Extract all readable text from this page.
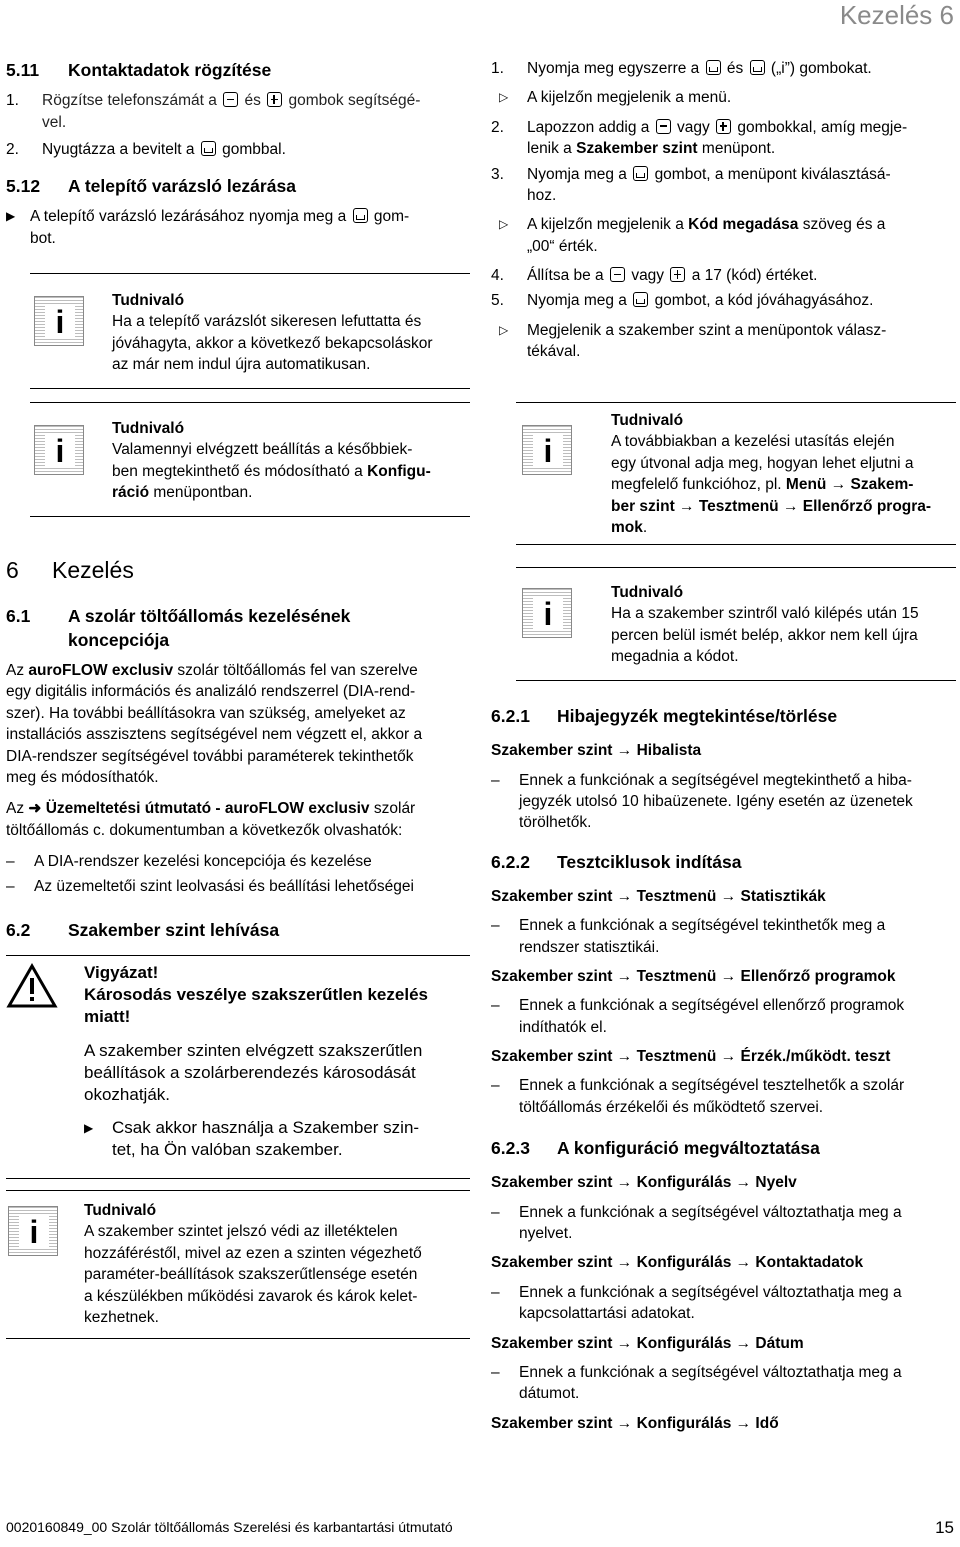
Kezelés 6
5.11	Kontaktadatok rögzítése
1.	Rögzítse telefonszámát a és gombok segítségé-
vel.
2.	Nyugtázza a bevitelt a gombbal.
5.12	A telepítő varázsló lezárása
▶ A telepítő varázsló lezárásához nyomja meg a gom-
bot.
i
Tudnivaló
Ha a telepítő varázslót sikeresen lefuttatta és
jóváhagyta, akkor a következő bekapcsoláskor
az már nem indul újra automatikusan.
i
Tudnivaló
Valamennyi elvégzett beállítás a későbbiek-
ben megtekinthető és módosítható a Konfigu-
ráció menüpontban.
6	Kezelés
6.1	A szolár töltőállomás kezelésének
koncepciója
Az auroFLOW exclusiv szolár töltőállomás fel van szerelve
egy digitális információs és analizáló rendszerrel (DIA-rend-
szer). Ha további beállításokra van szükség, amelyeket az
installációs asszisztens segítségével nem végzett el, akkor a
DIA-rendszer segítségével további paraméterek tekinthetők
meg és módosíthatók.
Az ➜ Üzemeltetési útmutató - auroFLOW exclusiv szolár
töltőállomás c. dokumentumban a következők olvashatók:
–	A DIA-rendszer kezelési koncepciója és kezelése
–	Az üzemeltetői szint leolvasási és beállítási lehetőségei
6.2	Szakember szint lehívása
Vigyázat!
Károsodás veszélye szakszerűtlen kezelés
miatt!
A szakember szinten elvégzett szakszerűtlen
beállítások a szolárberendezés károsodását
okozhatják.
▶	Csak akkor használja a Szakember szin-
tet, ha Ön valóban szakember.
i
Tudnivaló
A szakember szintet jelszó védi az illetéktelen
hozzáféréstől, mivel az ezen a szinten végezhető
paraméter-beállítások szakszerűtlensége esetén
a készülékben működési zavarok és károk kelet-
kezhetnek.
1.	Nyomja meg egyszerre a és („i”) gombokat.
▷	A kijelzőn megjelenik a menü.
2.	Lapozzon addig a vagy gombokkal, amíg megje-
lenik a Szakember szint menüpont.
3.	Nyomja meg a gombot, a menüpont kiválasztásá-
hoz.
▷	A kijelzőn megjelenik a Kód megadása szöveg és a
„00“ érték.
4.	Állítsa be a vagy a 17 (kód) értéket.
5.	Nyomja meg a gombot, a kód jóváhagyásához.
▷	Megjelenik a szakember szint a menüpontok válasz-
tékával.
i
Tudnivaló
A továbbiakban a kezelési utasítás elején
egy útvonal adja meg, hogyan lehet eljutni a
megfelelő funkcióhoz, pl. Menü → Szakem-
ber szint → Tesztmenü → Ellenőrző progra-
mok.
i
Tudnivaló
Ha a szakember szintről való kilépés után 15
percen belül ismét belép, akkor nem kell újra
megadnia a kódot.
6.2.1	Hibajegyzék megtekintése/törlése
Szakember szint → Hibalista
–	Ennek a funkciónak a segítségével megtekinthető a hiba-
jegyzék utolsó 10 hibaüzenete. Igény esetén az üzenetek
törölhetők.
6.2.2	Tesztciklusok indítása
Szakember szint → Tesztmenü → Statisztikák
–	Ennek a funkciónak a segítségével tekinthetők meg a
rendszer statisztikái.
Szakember szint → Tesztmenü → Ellenőrző programok
–	Ennek a funkciónak a segítségével ellenőrző programok
indíthatók el.
Szakember szint → Tesztmenü → Érzék./működt. teszt
–	Ennek a funkciónak a segítségével tesztelhetők a szolár
töltőállomás érzékelői és működtető szervei.
6.2.3	A konfiguráció megváltoztatása
Szakember szint → Konfigurálás → Nyelv
–	Ennek a funkciónak a segítségével változtathatja meg a
nyelvet.
Szakember szint → Konfigurálás → Kontaktadatok
–	Ennek a funkciónak a segítségével változtathatja meg a
kapcsolattartási adatokat.
Szakember szint → Konfigurálás → Dátum
–	Ennek a funkciónak a segítségével változtathatja meg a
dátumot.
Szakember szint → Konfigurálás → Idő
0020160849_00 Szolár töltőállomás Szerelési és karbantartási útmutató	15
